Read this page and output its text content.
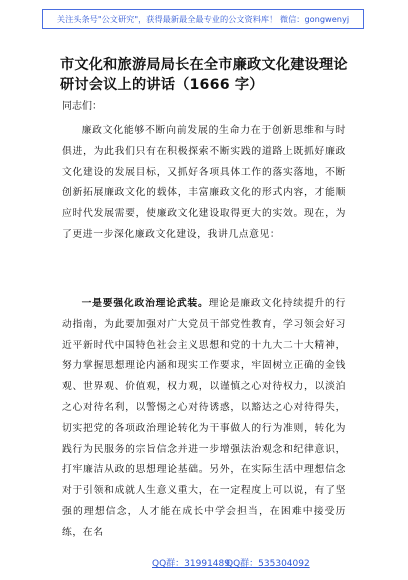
关注头条号"公文研究"，获得最新最全最专业的公文资料库！ 微信：gongwenyj
市文化和旅游局局长在全市廉政文化建设理论研讨会议上的讲话（1666 字）

同志们：

廉政文化能够不断向前发展的生命力在于创新思维和与时俱进，为此我们只有在积极探索不断实践的道路上既抓好廉政文化建设的发展目标，又抓好各项具体工作的落实落地，不断创新拓展廉政文化的载体，丰富廉政文化的形式内容，才能顺应时代发展需要，使廉政文化建设取得更大的实效。现在，为了更进一步深化廉政文化建设，我讲几点意见：

一是要强化政治理论武装。理论是廉政文化持续提升的行动指南，为此要加强对广大党员干部党性教育，学习领会好习近平新时代中国特色社会主义思想和党的十九大二十大精神，努力掌握思想理论内涵和现实工作要求，牢固树立正确的金钱观、世界观、价值观，权力观，以谨慎之心对待权力，以淡泊之心对待名利，以警惕之心对待诱惑，以豁达之心对待得失，切实把党的各项政治理论转化为干事做人的行为准则，转化为践行为民服务的宗旨信念并进一步增强法治观念和纪律意识，打牢廉洁从政的思想理论基础。另外，在实际生活中理想信念对于引领和成就人生意义重大，在一定程度上可以说，有了坚强的理想信念，人才能在成长中学会担当，在困难中接受历练，在名

QQ群：31991489
QQ群：535304092
